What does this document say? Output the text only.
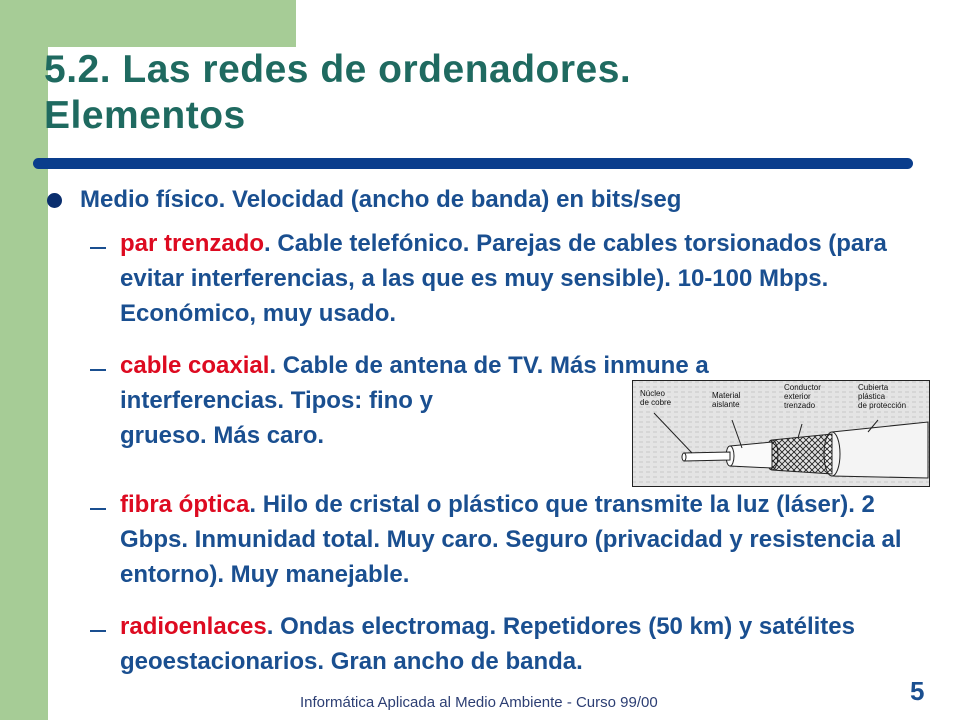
5.2. Las redes de ordenadores.
Elementos

Medio físico. Velocidad (ancho de banda) en bits/seg

par trenzado. Cable telefónico. Parejas de cables torsionados (para evitar interferencias, a las que es muy sensible). 10-100 Mbps. Económico, muy usado.

cable coaxial. Cable de antena de TV. Más inmune a

interferencias. Tipos: fino y

grueso. Más caro.

Núcleo
de cobre
Material
aislante
Conductor
exterior
trenzado
Cubierta
plástica
de protección

fibra óptica. Hilo de cristal o plástico que transmite la luz (láser). 2 Gbps. Inmunidad total. Muy caro. Seguro (privacidad y resistencia al entorno). Muy manejable.

radioenlaces. Ondas electromag. Repetidores (50 km) y satélites geoestacionarios. Gran ancho de banda.

Informática Aplicada al Medio Ambiente - Curso 99/00	5
